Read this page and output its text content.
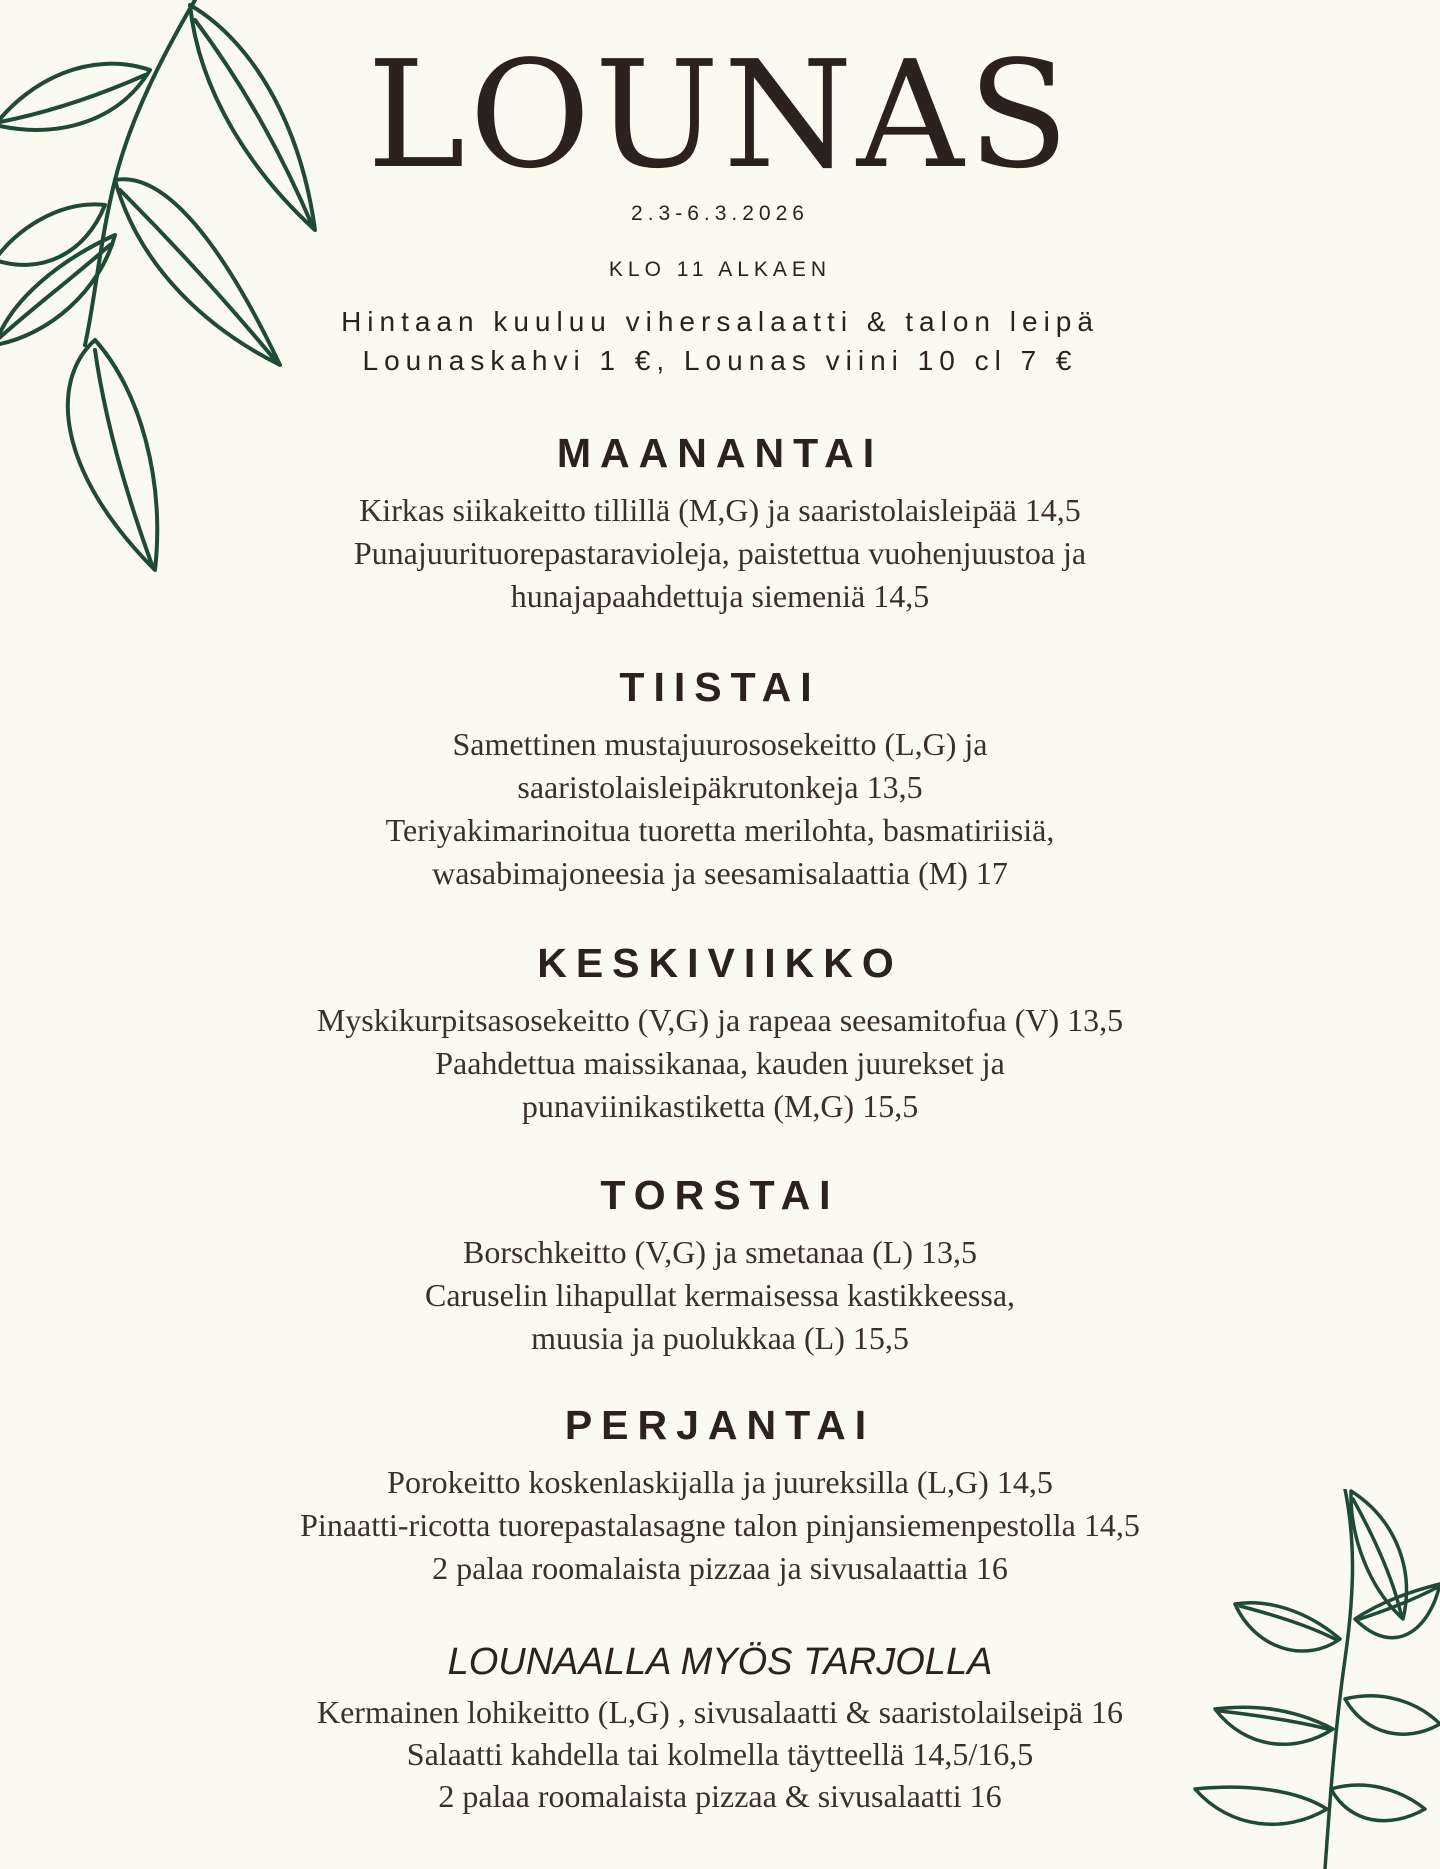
LOUNAS
2.3-6.3.2026
KLO 11 ALKAEN
Hintaan kuuluu vihersalaatti & talon leipä
Lounaskahvi 1 €, Lounas viini 10 cl 7 €
MAANANTAI
Kirkas siikakeitto tillillä (M,G) ja saaristolaisleipää 14,5
Punajuurituorepastaravioleja, paistettua vuohenjuustoa ja
hunajapaahdettuja siemeniä 14,5
TIISTAI
Samettinen mustajuurososekeitto (L,G) ja
saaristolaisleipäkrutonkeja 13,5
Teriyakimarinoitua tuoretta merilohta, basmatiriisiä,
wasabimajoneesia ja seesamisalaattia (M) 17
KESKIVIIKKO
Myskikurpitsasosekeitto (V,G) ja rapeaa seesamitofua (V) 13,5
Paahdettua maissikanaa, kauden juurekset ja
punaviinikastiketta (M,G) 15,5
TORSTAI
Borschkeitto (V,G) ja smetanaa (L) 13,5
Caruselin lihapullat kermaisessa kastikkeessa,
muusia ja puolukkaa (L) 15,5
PERJANTAI
Porokeitto koskenlaskijalla ja juureksilla (L,G) 14,5
Pinaatti-ricotta tuorepastalasagne talon pinjansiemenpestolla 14,5
2 palaa roomalaista pizzaa ja sivusalaattia 16
LOUNAALLA MYÖS TARJOLLA
Kermainen lohikeitto (L,G) , sivusalaatti & saaristolailseipä 16
Salaatti kahdella tai kolmella täytteellä 14,5/16,5
2 palaa roomalaista pizzaa & sivusalaatti 16
